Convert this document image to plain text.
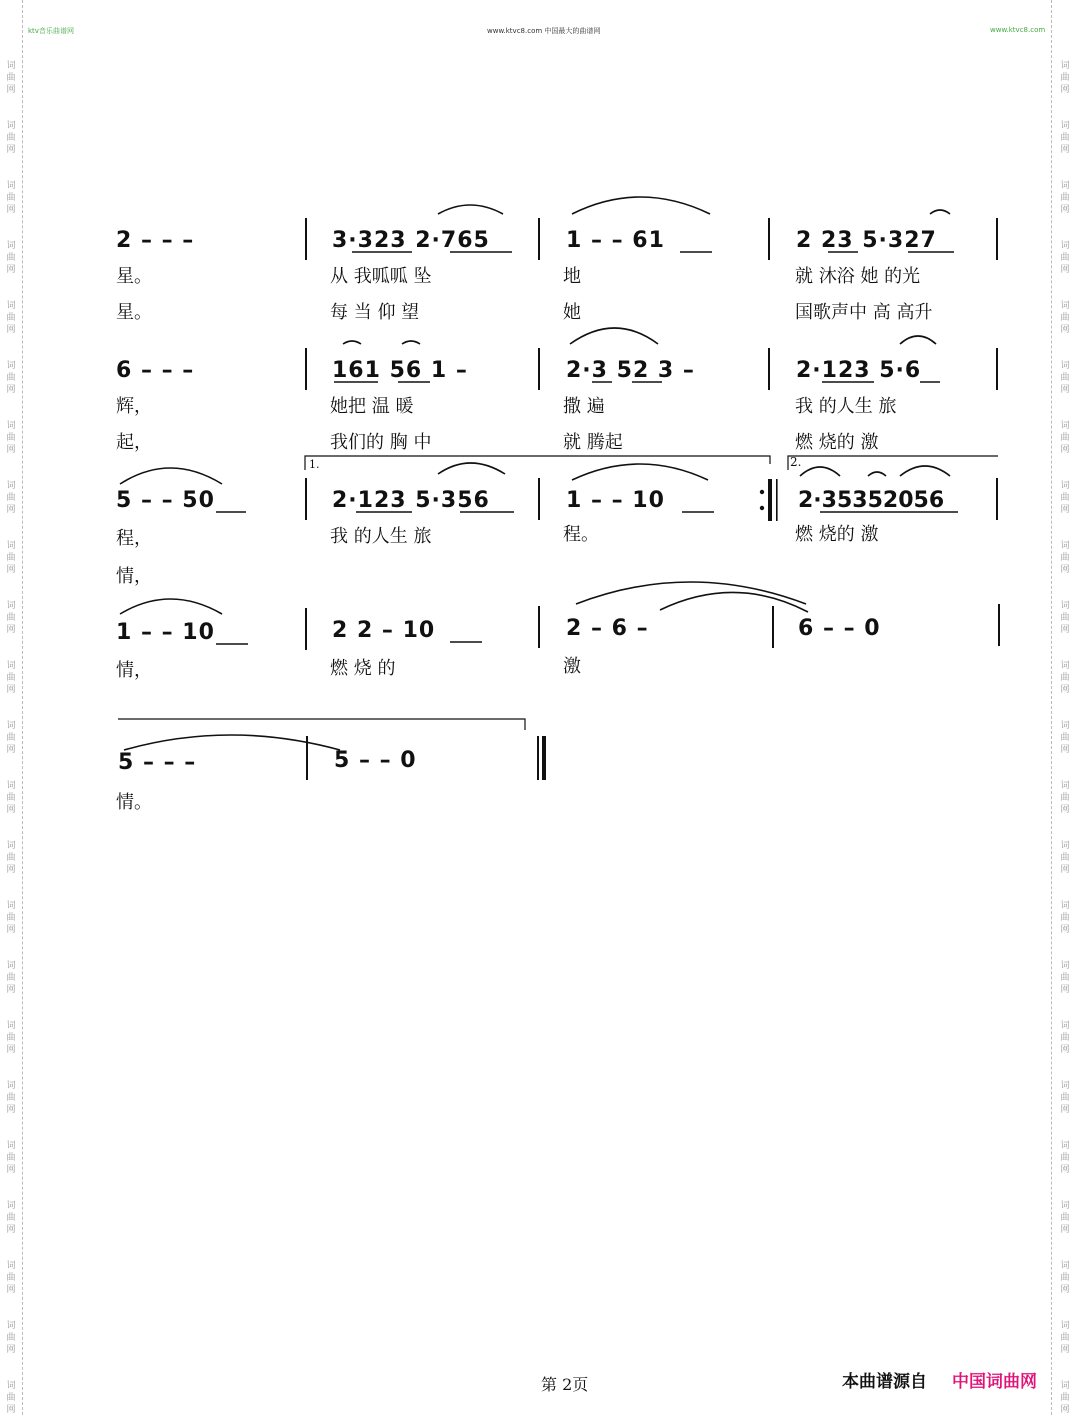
词
曲
网
词
曲
网
词
曲
网
词
曲
网
词
曲
网
词
曲
网
词
曲
网
词
曲
网
词
曲
网
词
曲
网
词
曲
网
词
曲
网
词
曲
网
词
曲
网
词
曲
网
词
曲
网
词
曲
网
词
曲
网
词
曲
网
词
曲
网
词
曲
网
词
曲
网
词
曲
网
词
曲
网
词
曲
网
词
曲
网
词
曲
网
词
曲
网
词
曲
网
词
曲
网
词
曲
网
词
曲
网
词
曲
网
词
曲
网
词
曲
网
词
曲
网
词
曲
网
词
曲
网
词
曲
网
词
曲
网
词
曲
网
词
曲
网
词
曲
网
词
曲
网
词
曲
网
词
曲
网
ktv音乐曲谱网	www.ktvc8.com 中国最大的曲谱网	www.ktvc8.com
2 – – –	3·323 2·765	1 – – 61	2 23 5·327
星。	从 我呱呱 坠	地	就 沐浴 她 的光
星。	每 当 仰 望	她	国歌声中 高 高升
6 – – –	161 56 1 –	2·3 52 3 –	2·123 5·6
辉，	她把 温 暖	撒 遍	我 的人生 旅
起，	我们的 胸 中	就 腾起	燃 烧的 激
1.	2.
5 – – 50	2·123 5·356	1 – – 10	2·35352056
程，	我 的人生 旅	程。	燃 烧的 激
情，
1 – – 10	2 2 – 10	2 – 6 –	6 – – 0
情，	燃 烧 的	激
5 – – –	5 – – 0
情。
第 2页	本曲谱源自 中国词曲网
